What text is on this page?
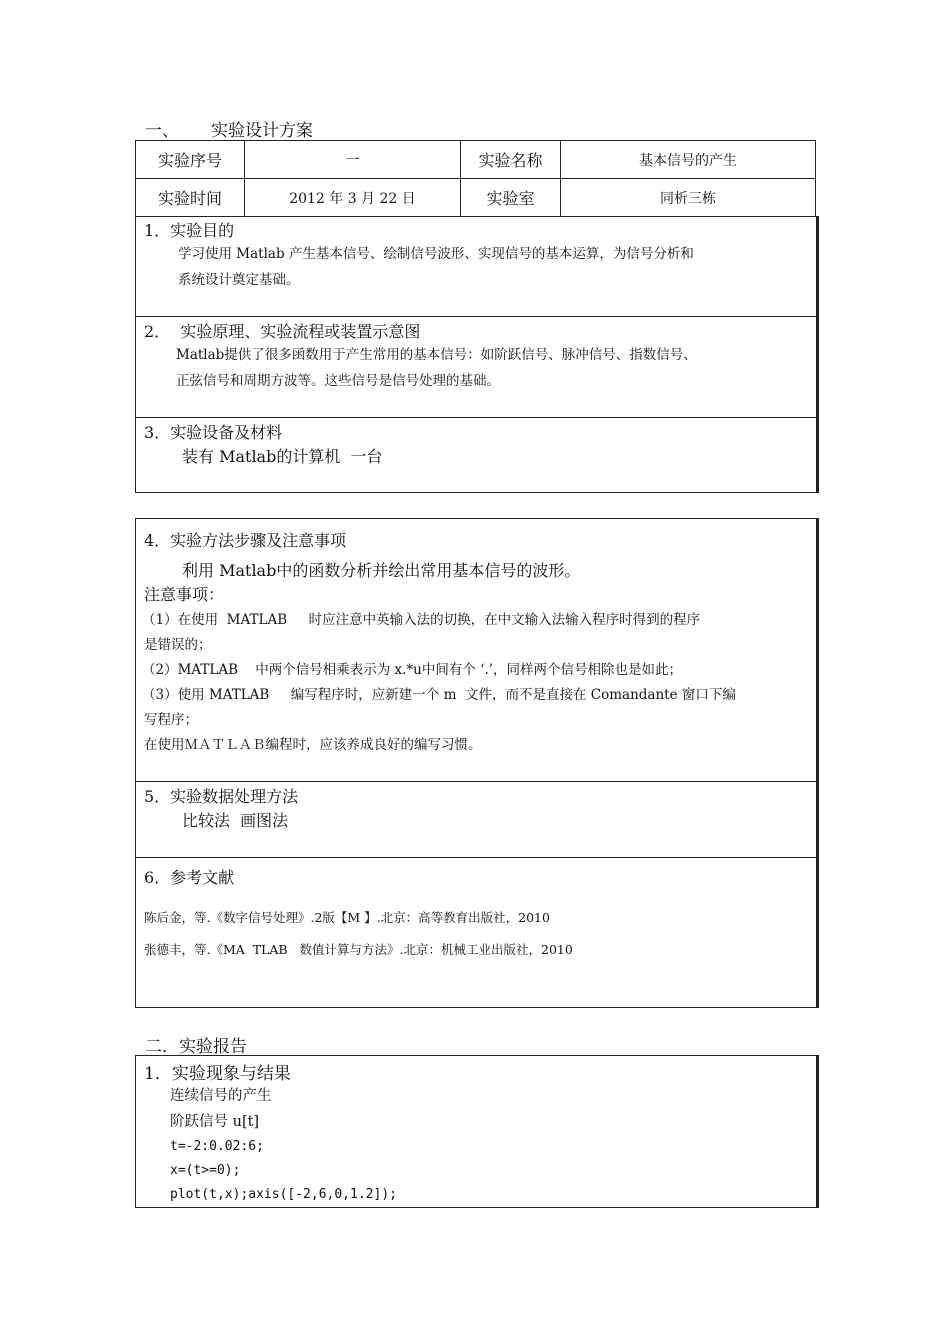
一、 实验设计方案
实验序号	一	实验名称	基本信号的产生
实验时间	2012 年 3 月 22 日	实验室	同析三栋
1．实验目的
学习使用 Matlab 产生基本信号、绘制信号波形、实现信号的基本运算，为信号分析和
系统设计奠定基础。
2．  实验原理、实验流程或装置示意图
Matlab提供了很多函数用于产生常用的基本信号：如阶跃信号、脉冲信号、指数信号、
正弦信号和周期方波等。这些信号是信号处理的基础。
3．实验设备及材料
装有 Matlab的计算机  一台
4．实验方法步骤及注意事项
利用 Matlab中的函数分析并绘出常用基本信号的波形。
注意事项：
（1）在使用  MATLAB     时应注意中英输入法的切换，在中文输入法输入程序时得到的程序
是错误的；
（2）MATLAB    中两个信号相乘表示为 x.*u中间有个 ‘.’，同样两个信号相除也是如此；
（3）使用 MATLAB     编写程序时，应新建一个 m  文件，而不是直接在 Comandante 窗口下编
写程序；
在使用ＭＡＴＬＡＢ编程时，应该养成良好的编写习惯。
5．实验数据处理方法
比较法  画图法
6．参考文献
陈后金，等.《数字信号处理》.2版【M 】.北京：高等教育出版社，2010
张德丰，等.《MA  TLAB   数值计算与方法》.北京：机械工业出版社，2010
二．实验报告
1．实验现象与结果
连续信号的产生
阶跃信号 u[t]
t=-2:0.02:6;
x=(t>=0);
plot(t,x);axis([-2,6,0,1.2]);
